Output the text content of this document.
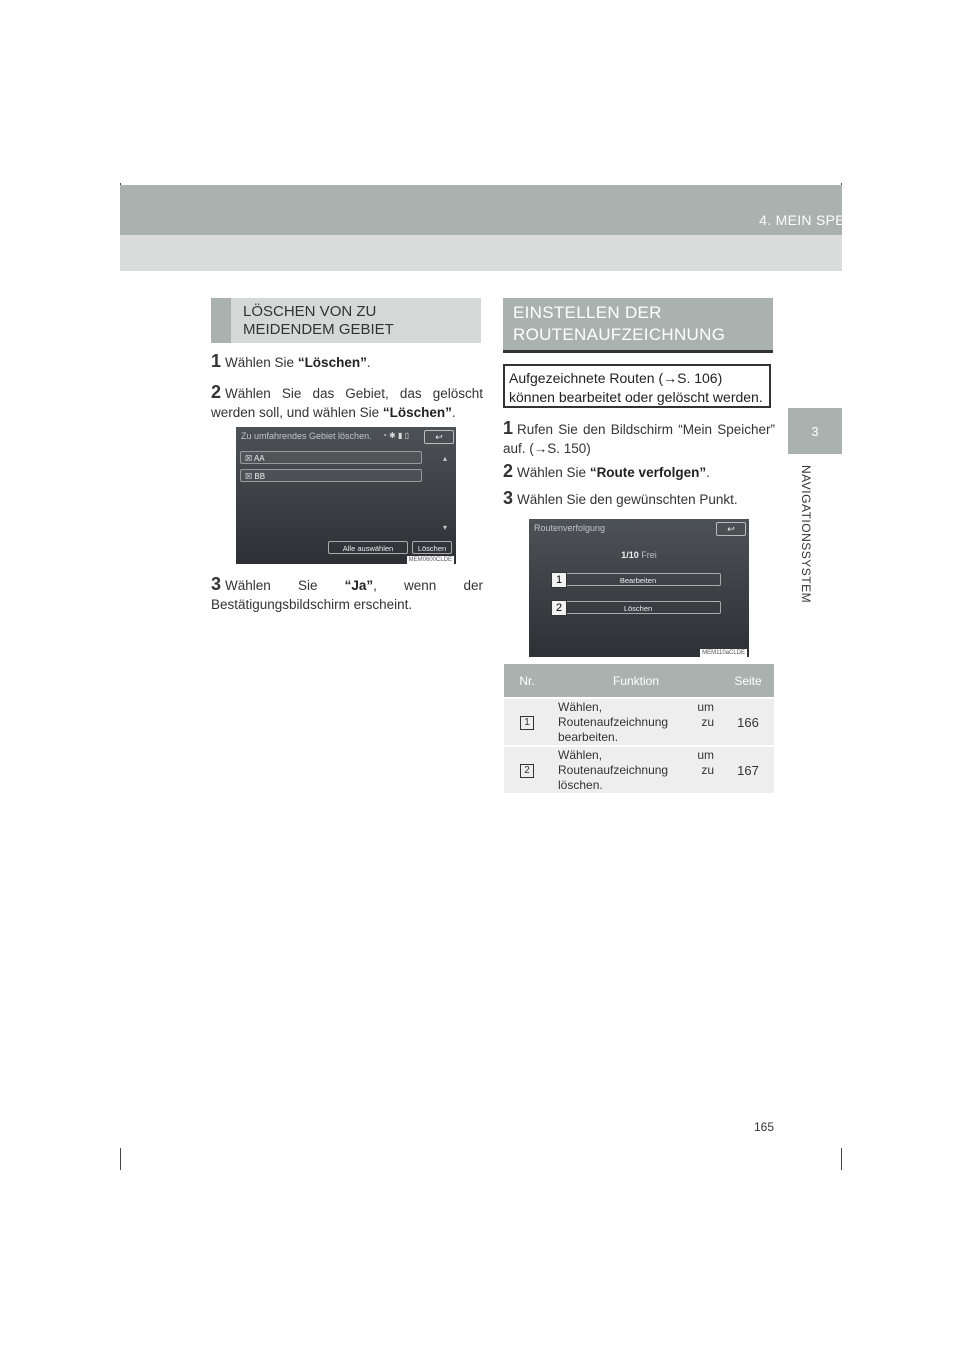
4. MEIN SPEICHER
3
NAVIGATIONSSYSTEM
LÖSCHEN VON ZU MEIDENDEM GEBIET
1 Wählen Sie “Löschen”.
2 Wählen Sie das Gebiet, das gelöscht werden soll, und wählen Sie “Löschen”.
Zu umfahrendes Gebiet löschen. ◔ ✱ ▮ ▯	↩
☒ AA
☒ BB
▴
▾
Alle auswählen	Löschen
MEM0600CLDE
3 Wählen Sie “Ja”, wenn der Bestätigungsbildschirm erscheint.
EINSTELLEN DER ROUTENAUFZEICHNUNG
Aufgezeichnete Routen (→S. 106) können bearbeitet oder gelöscht werden.
1 Rufen Sie den Bildschirm “Mein Speicher” auf. (→S. 150)
2 Wählen Sie “Route verfolgen”.
3 Wählen Sie den gewünschten Punkt.
Routenverfolgung	↩
1/10 Frei
Bearbeiten
Löschen
1
2
MEM110aCLDE
Nr.	Funktion	Seite
1	Wählen, um Routenaufzeichnung zu bearbeiten.	166
2	Wählen, um Routenaufzeichnung zu löschen.	167
165
